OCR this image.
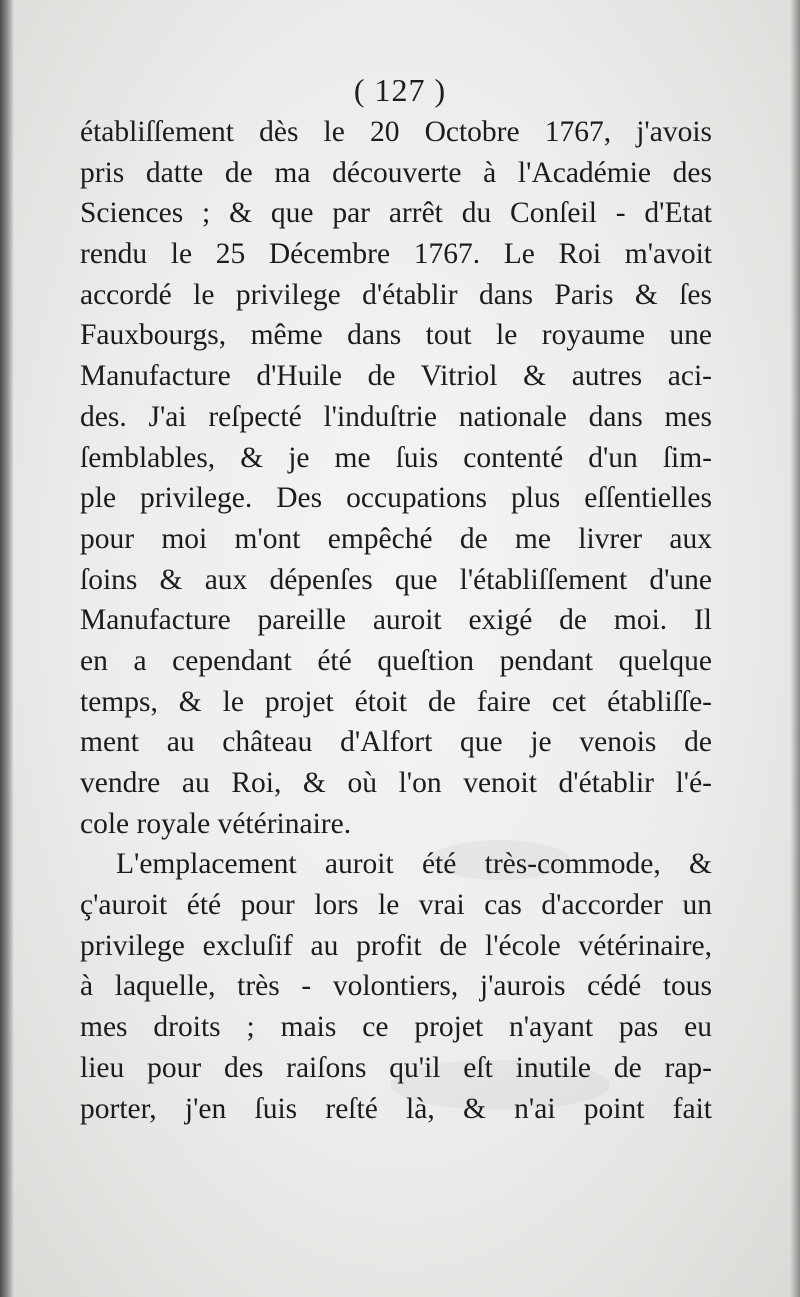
( 127 )
établiſſement dès le 20 Octobre 1767, j'avois
pris datte de ma découverte à l'Académie des
Sciences ; & que par arrêt du Conſeil - d'Etat
rendu le 25 Décembre 1767. Le Roi m'avoit
accordé le privilege d'établir dans Paris & ſes
Fauxbourgs, même dans tout le royaume une
Manufacture d'Huile de Vitriol & autres aci-
des. J'ai reſpecté l'induſtrie nationale dans mes
ſemblables, & je me ſuis contenté d'un ſim-
ple privilege. Des occupations plus eſſentielles
pour moi m'ont empêché de me livrer aux
ſoins & aux dépenſes que l'établiſſement d'une
Manufacture pareille auroit exigé de moi. Il
en a cependant été queſtion pendant quelque
temps, & le projet étoit de faire cet établiſſe-
ment au château d'Alfort que je venois de
vendre au Roi, & où l'on venoit d'établir l'é-
cole royale vétérinaire.
L'emplacement auroit été très-commode, &
ç'auroit été pour lors le vrai cas d'accorder un
privilege excluſif au profit de l'école vétérinaire,
à laquelle, très - volontiers, j'aurois cédé tous
mes droits ; mais ce projet n'ayant pas eu
lieu pour des raiſons qu'il eſt inutile de rap-
porter, j'en ſuis reſté là, & n'ai point fait
